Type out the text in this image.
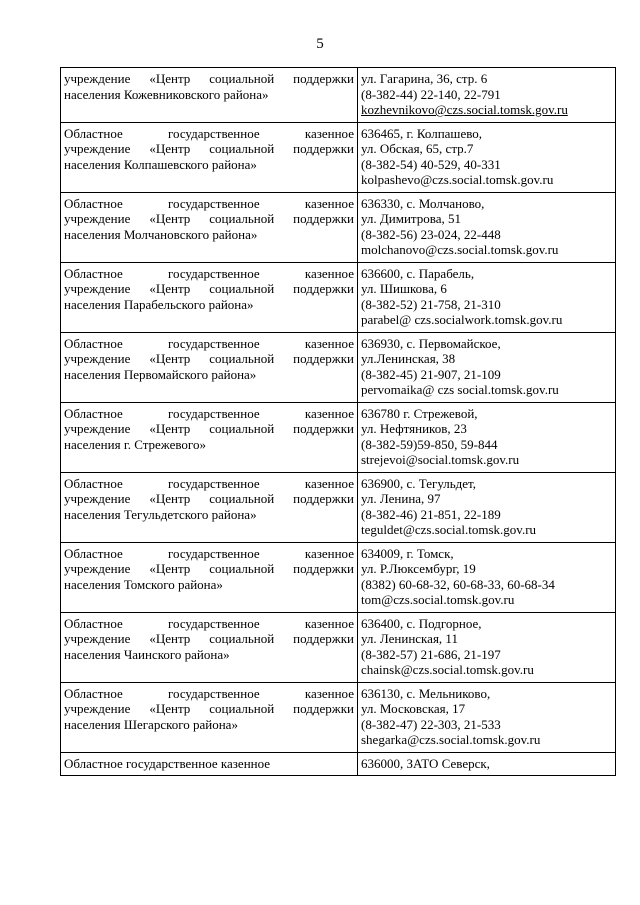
5
учреждение «Центр социальной поддержки
населения Кожевниковского района»	ул. Гагарина, 36, стр. 6
(8-382-44) 22-140, 22-791
kozhevnikovo@czs.social.tomsk.gov.ru

Областное государственное казенное
учреждение «Центр социальной поддержки
населения Колпашевского района»	636465, г. Колпашево,
ул. Обская, 65, стр.7
(8-382-54) 40-529, 40-331
kolpashevo@czs.social.tomsk.gov.ru

Областное государственное казенное
учреждение «Центр социальной поддержки
населения Молчановского района»	636330, с. Молчаново,
ул. Димитрова, 51
(8-382-56) 23-024, 22-448
molchanovo@czs.social.tomsk.gov.ru

Областное государственное казенное
учреждение «Центр социальной поддержки
населения Парабельского района»	636600, с. Парабель,
ул. Шишкова, 6
(8-382-52) 21-758, 21-310
parabel@ czs.socialwork.tomsk.gov.ru

Областное государственное казенное
учреждение «Центр социальной поддержки
населения Первомайского района»	636930, с. Первомайское,
ул.Ленинская, 38
(8-382-45) 21-907, 21-109
pervomaika@ czs social.tomsk.gov.ru

Областное государственное казенное
учреждение «Центр социальной поддержки
населения г. Стрежевого»	636780 г. Стрежевой,
ул. Нефтяников, 23
(8-382-59)59-850, 59-844
strejevoi@social.tomsk.gov.ru

Областное государственное казенное
учреждение «Центр социальной поддержки
населения Тегульдетского района»	636900, с. Тегульдет,
ул. Ленина, 97
(8-382-46) 21-851, 22-189
teguldet@czs.social.tomsk.gov.ru

Областное государственное казенное
учреждение «Центр социальной поддержки
населения Томского района»	634009, г. Томск,
ул. Р.Люксембург, 19
(8382) 60-68-32, 60-68-33, 60-68-34
tom@czs.social.tomsk.gov.ru

Областное государственное казенное
учреждение «Центр социальной поддержки
населения Чаинского района»	636400, с. Подгорное,
ул. Ленинская, 11
(8-382-57) 21-686, 21-197
chainsk@czs.social.tomsk.gov.ru

Областное государственное казенное
учреждение «Центр социальной поддержки
населения Шегарского района»	636130, с. Мельниково,
ул. Московская, 17
(8-382-47) 22-303, 21-533
shegarka@czs.social.tomsk.gov.ru

Областное государственное казенное	636000, ЗАТО Северск,
